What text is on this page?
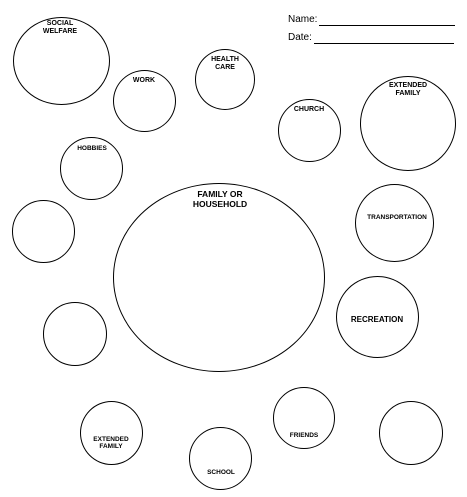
Name:
Date:
SOCIAL
WELFARE
WORK
HEALTH
CARE
CHURCH
EXTENDED
FAMILY
HOBBIES
FAMILY OR
HOUSEHOLD
TRANSPORTATION
RECREATION
FRIENDS
EXTENDED
FAMILY
SCHOOL
